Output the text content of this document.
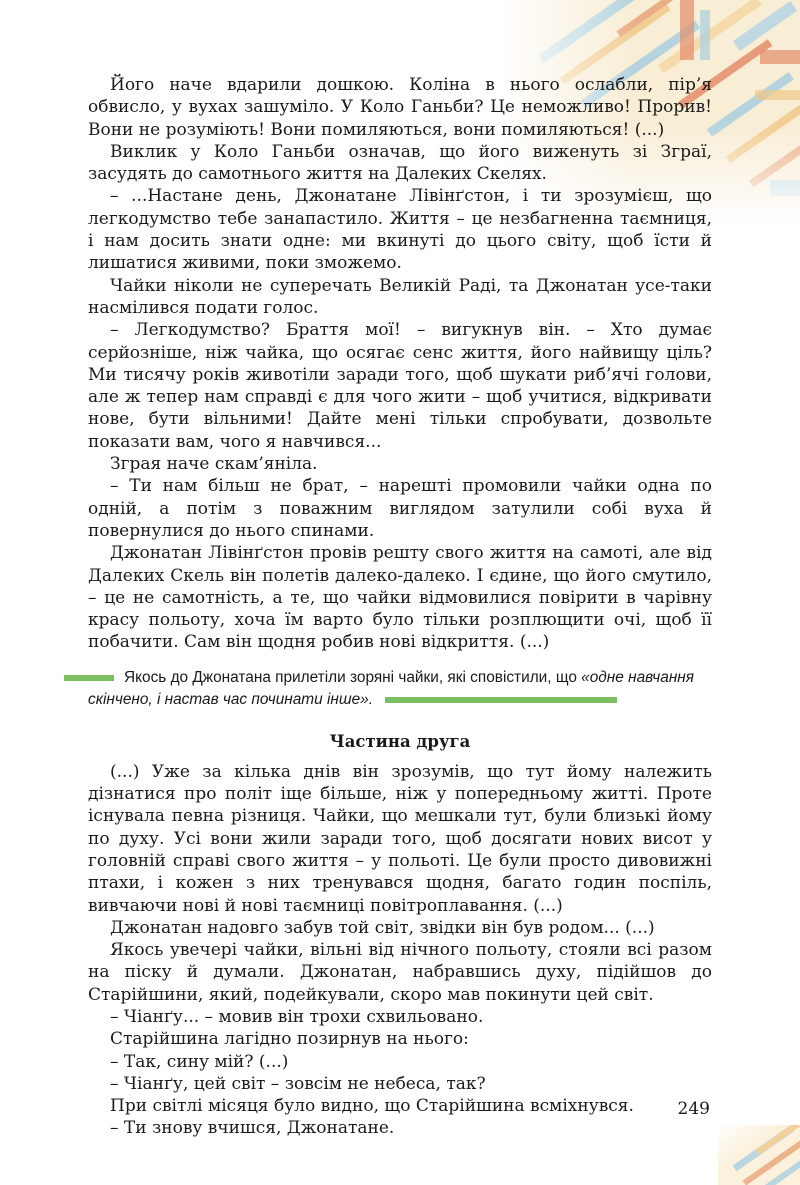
Його наче вдарили дошкою. Коліна в нього ослабли, пір’я обвисло, у вухах зашуміло. У Коло Ганьби? Це неможливо! Прорив! Вони не розуміють! Вони помиляються, вони помиляються! (...)

Виклик у Коло Ганьби означав, що його виженуть зі Зграї, засудять до самотнього життя на Далеких Скелях.

– ...Настане день, Джонатане Лівінґстон, і ти зрозумієш, що легкодумство тебе занапастило. Життя – це незбагненна таємниця, і нам досить знати одне: ми вкинуті до цього світу, щоб їсти й лишатися живими, поки зможемо.

Чайки ніколи не суперечать Великій Раді, та Джонатан усе-таки насмілився подати голос.

– Легкодумство? Браття мої! – вигукнув він. – Хто думає серйозніше, ніж чайка, що осягає сенс життя, його найвищу ціль? Ми тисячу років животіли заради того, щоб шукати риб’ячі голови, але ж тепер нам справді є для чого жити – щоб учитися, відкривати нове, бути вільними! Дайте мені тільки спробувати, дозвольте показати вам, чого я навчився...

Зграя наче скам’яніла.

– Ти нам більш не брат, – нарешті промовили чайки одна по одній, а потім з поважним виглядом затулили собі вуха й повернулися до нього спинами.

Джонатан Лівінґстон провів решту свого життя на самоті, але від Далеких Скель він полетів далеко-далеко. І єдине, що його смутило, – це не самотність, а те, що чайки відмовилися повірити в чарівну красу польоту, хоча їм варто було тільки розплющити очі, щоб її побачити. Сам він щодня робив нові відкриття. (...)

Якось до Джонатана прилетіли зоряні чайки, які сповістили, що «одне навчання скінчено, і настав час починати інше».
Частина друга

(...) Уже за кілька днів він зрозумів, що тут йому належить дізнатися про політ іще більше, ніж у попередньому житті. Проте існувала певна різниця. Чайки, що мешкали тут, були близькі йому по духу. Усі вони жили заради того, щоб досягати нових висот у головній справі свого життя – у польоті. Це були просто дивовижні птахи, і кожен з них тренувався щодня, багато годин поспіль, вивчаючи нові й нові таємниці повітроплавання. (...)

Джонатан надовго забув той світ, звідки він був родом... (...)

Якось увечері чайки, вільні від нічного польоту, стояли всі разом на піску й думали. Джонатан, набравшись духу, підійшов до Старійшини, який, подейкували, скоро мав покинути цей світ.

– Чіанґу... – мовив він трохи схвильовано.

Старійшина лагідно позирнув на нього:

– Так, сину мій? (...)

– Чіанґу, цей світ – зовсім не небеса, так?

При світлі місяця було видно, що Старійшина всміхнувся.

– Ти знову вчишся, Джонатане.

249
